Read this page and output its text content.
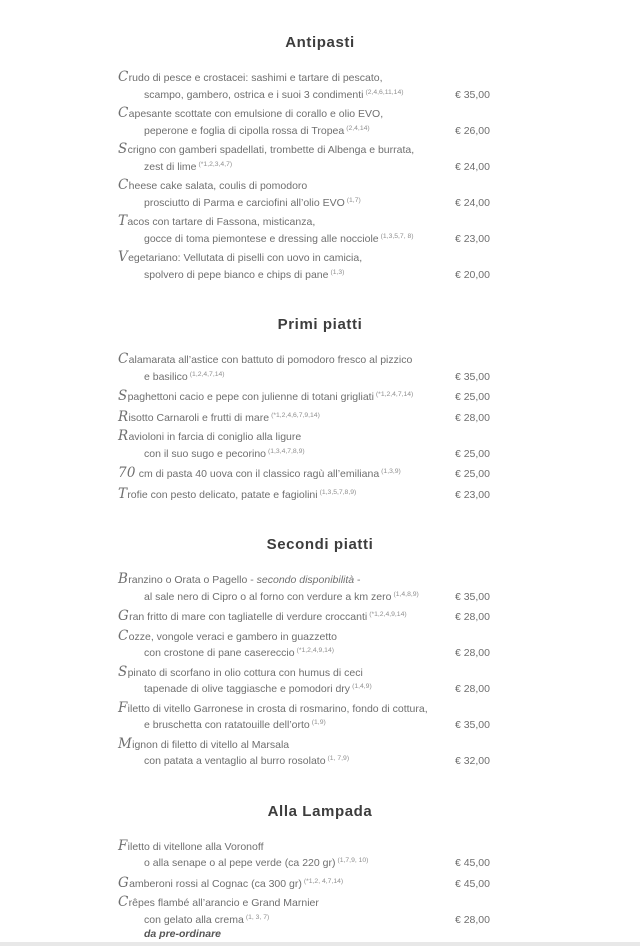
Antipasti
Crudo di pesce e crostacei: sashimi e tartare di pescato,
scampo, gambero, ostrica e i suoi 3 condimenti $^{(2,4,6,11,14)}$	€ 35,00
Capesante scottate con emulsione di corallo e olio EVO,
peperone e foglia di cipolla rossa di Tropea $^{(2,4,14)}$	€ 26,00
Scrigno con gamberi spadellati, trombette di Albenga e burrata,
zest di lime $^{(*1,2,3,4,7)}$	€ 24,00
Cheese cake salata, coulis di pomodoro
prosciutto di Parma e carciofini all’olio EVO $^{(1,7)}$	€ 24,00
Tacos con tartare di Fassona, misticanza,
gocce di toma piemontese e dressing alle nocciole $^{(1,3,5,7, 8)}$	€ 23,00
Vegetariano: Vellutata di piselli con uovo in camicia,
spolvero di pepe bianco e chips di pane $^{(1,3)}$	€ 20,00
Primi piatti
Calamarata all’astice con battuto di pomodoro fresco al pizzico
e basilico $^{(1,2,4,7,14)}$	€ 35,00
Spaghettoni cacio e pepe con julienne di totani grigliati $^{(*1,2,4,7,14)}$	€ 25,00
Risotto Carnaroli e frutti di mare $^{(*1,2,4,6,7,9,14)}$	€ 28,00
Ravioloni in farcia di coniglio alla ligure
con il suo sugo e pecorino $^{(1,3,4,7,8,9)}$	€ 25,00
70 cm di pasta 40 uova con il classico ragù all’emiliana $^{(1,3,9)}$	€ 25,00
Trofie con pesto delicato, patate e fagiolini $^{(1,3,5,7,8,9)}$	€ 23,00
Secondi piatti
Branzino o Orata o Pagello - secondo disponibilità -
al sale nero di Cipro o al forno con verdure a km zero $^{(1,4,8,9)}$	€ 35,00
Gran fritto di mare con tagliatelle di verdure croccanti $^{(*1,2,4,9,14)}$	€ 28,00
Cozze, vongole veraci e gambero in guazzetto
con crostone di pane casereccio $^{(*1,2,4,9,14)}$	€ 28,00
Spinato di scorfano in olio cottura con humus di ceci
tapenade di olive taggiasche e pomodori dry $^{(1,4,9)}$	€ 28,00
Filetto di vitello Garronese in crosta di rosmarino, fondo di cottura,
e bruschetta con ratatouille dell’orto $^{(1,9)}$	€ 35,00
Mignon di filetto di vitello al Marsala
con patata a ventaglio al burro rosolato $^{(1, 7,9)}$	€ 32,00
Alla Lampada
Filetto di vitellone alla Voronoff
o alla senape o al pepe verde (ca 220 gr) $^{(1,7,9, 10)}$	€ 45,00
Gamberoni rossi al Cognac (ca 300 gr) $^{(*1,2, 4,7,14)}$	€ 45,00
Crêpes flambé all’arancio e Grand Marnier
con gelato alla crema $^{(1, 3, 7)}$	€ 28,00
da pre-ordinare
